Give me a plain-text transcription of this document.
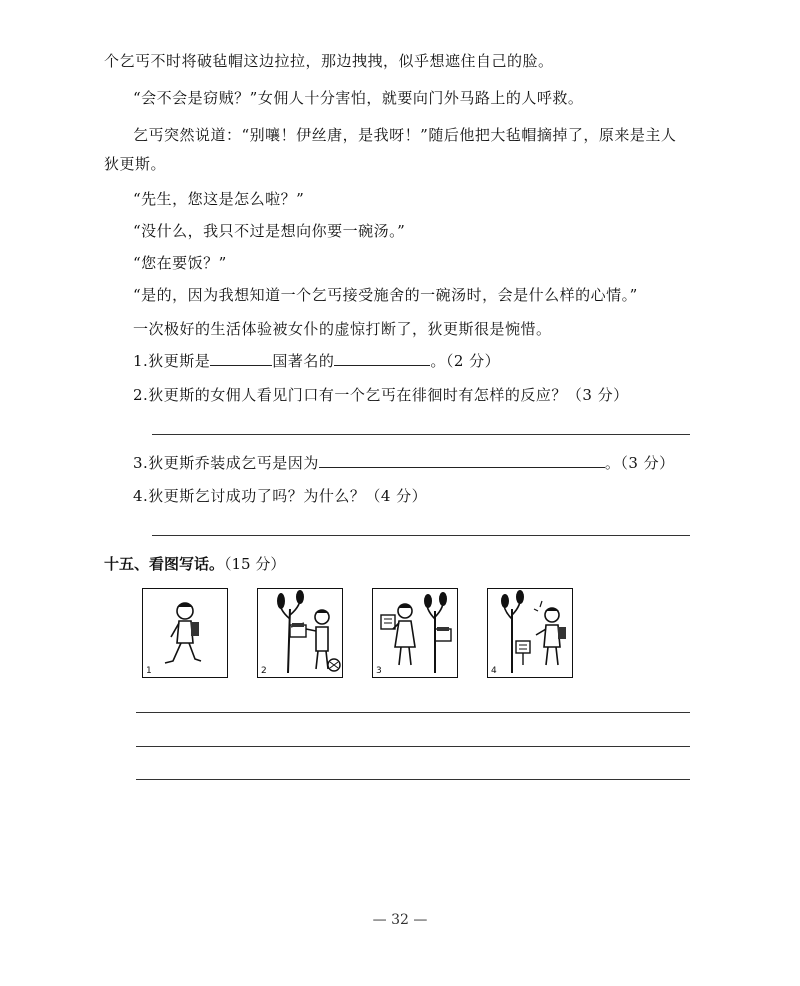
个乞丐不时将破毡帽这边拉拉，那边拽拽，似乎想遮住自己的脸。
“会不会是窃贼？”女佣人十分害怕，就要向门外马路上的人呼救。
乞丐突然说道：“别嚷！伊丝唐，是我呀！”随后他把大毡帽摘掉了，原来是主人
狄更斯。
“先生，您这是怎么啦？”
“没什么，我只不过是想向你要一碗汤。”
“您在要饭？”
“是的，因为我想知道一个乞丐接受施舍的一碗汤时，会是什么样的心情。”
一次极好的生活体验被女仆的虚惊打断了，狄更斯很是惋惜。
1.狄更斯是	国著名的	。（2 分）
2.狄更斯的女佣人看见门口有一个乞丐在徘徊时有怎样的反应？（3 分）
3.狄更斯乔装成乞丐是因为	。（3 分）
4.狄更斯乞讨成功了吗？为什么？（4 分）
十五、看图写话。（15 分）
1	2	3	4
— 32 —
